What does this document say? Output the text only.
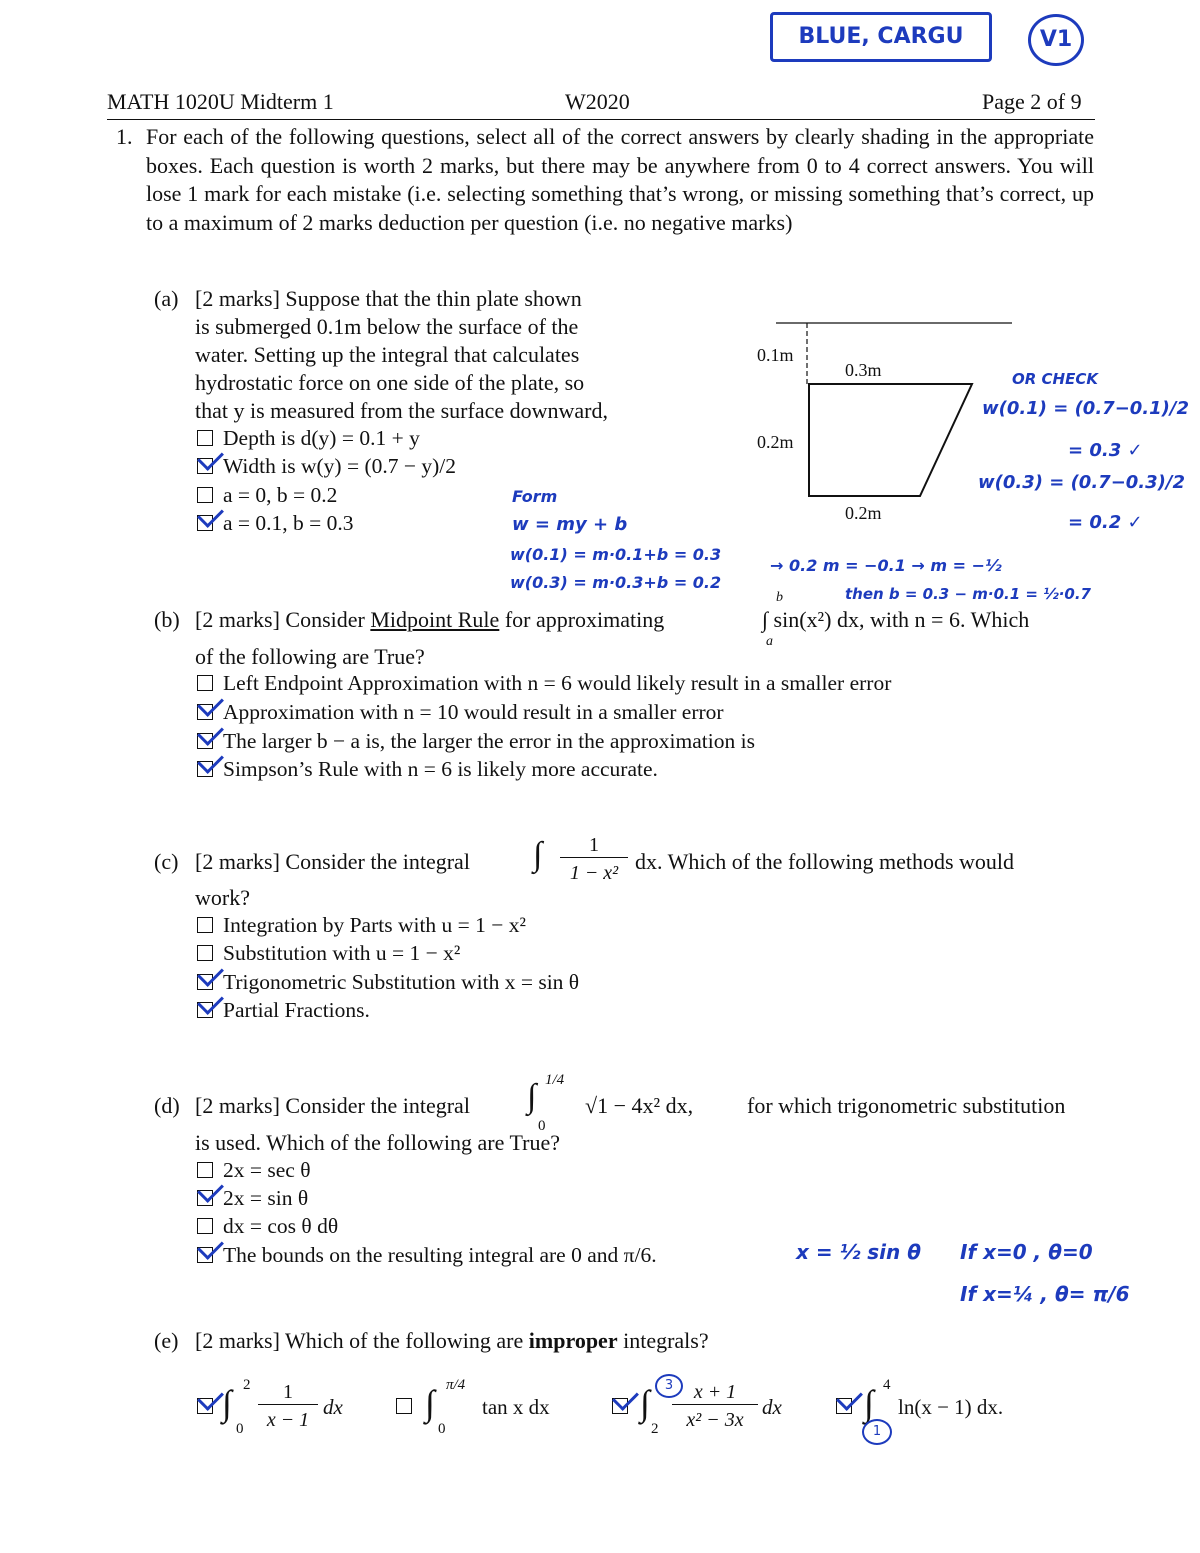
BLUE, CARGU	V1
MATH 1020U Midterm 1	W2020	Page 2 of 9
1. For each of the following questions, select all of the correct answers by clearly shading in the appropriate boxes. Each question is worth 2 marks, but there may be anywhere from 0 to 4 correct answers. You will lose 1 mark for each mistake (i.e. selecting something that’s wrong, or missing something that’s correct, up to a maximum of 2 marks deduction per question (i.e. no negative marks)
(a) [2 marks] Suppose that the thin plate shown
is submerged 0.1m below the surface of the
water. Setting up the integral that calculates
hydrostatic force on one side of the plate, so
that y is measured from the surface downward,
Depth is d(y) = 0.1 + y
Width is w(y) = (0.7 − y)/2
a = 0, b = 0.2
a = 0.1, b = 0.3
0.1m
0.3m
0.2m
0.2m
OR CHECK
w(0.1) = (0.7−0.1)/2
= 0.3 ✓
w(0.3) = (0.7−0.3)/2
= 0.2 ✓
Form
w = my + b
w(0.1) = m·0.1+b = 0.3
w(0.3) = m·0.3+b = 0.2
→ 0.2 m = −0.1 → m = −½
then b = 0.3 − m·0.1 = ½·0.7
(b) [2 marks] Consider Midpoint Rule for approximating
b
a
∫ sin(x²) dx, with n = 6. Which
of the following are True?
Left Endpoint Approximation with n = 6 would likely result in a smaller error
Approximation with n = 10 would result in a smaller error
The larger b − a is, the larger the error in the approximation is
Simpson’s Rule with n = 6 is likely more accurate.
(c) [2 marks] Consider the integral ∫	1
1 − x² dx. Which of the following methods would
work?
Integration by Parts with u = 1 − x²
Substitution with u = 1 − x²
Trigonometric Substitution with x = sin θ
Partial Fractions.
(d) [2 marks] Consider the integral ∫ 1/4
0
√1 − 4x² dx, for which trigonometric substitution
is used. Which of the following are True?
2x = sec θ
2x = sin θ
dx = cos θ dθ
The bounds on the resulting integral are 0 and π/6.	x = ½ sin θ If x=0 , θ=0
If x=¼ , θ= π/6
(e) [2 marks] Which of the following are improper integrals?
∫ 2
0
1
x − 1
dx ∫ π/4
0
tan x dx	∫	3
2
x + 1
x² − 3x
dx ∫ 4
1
ln(x − 1) dx.
